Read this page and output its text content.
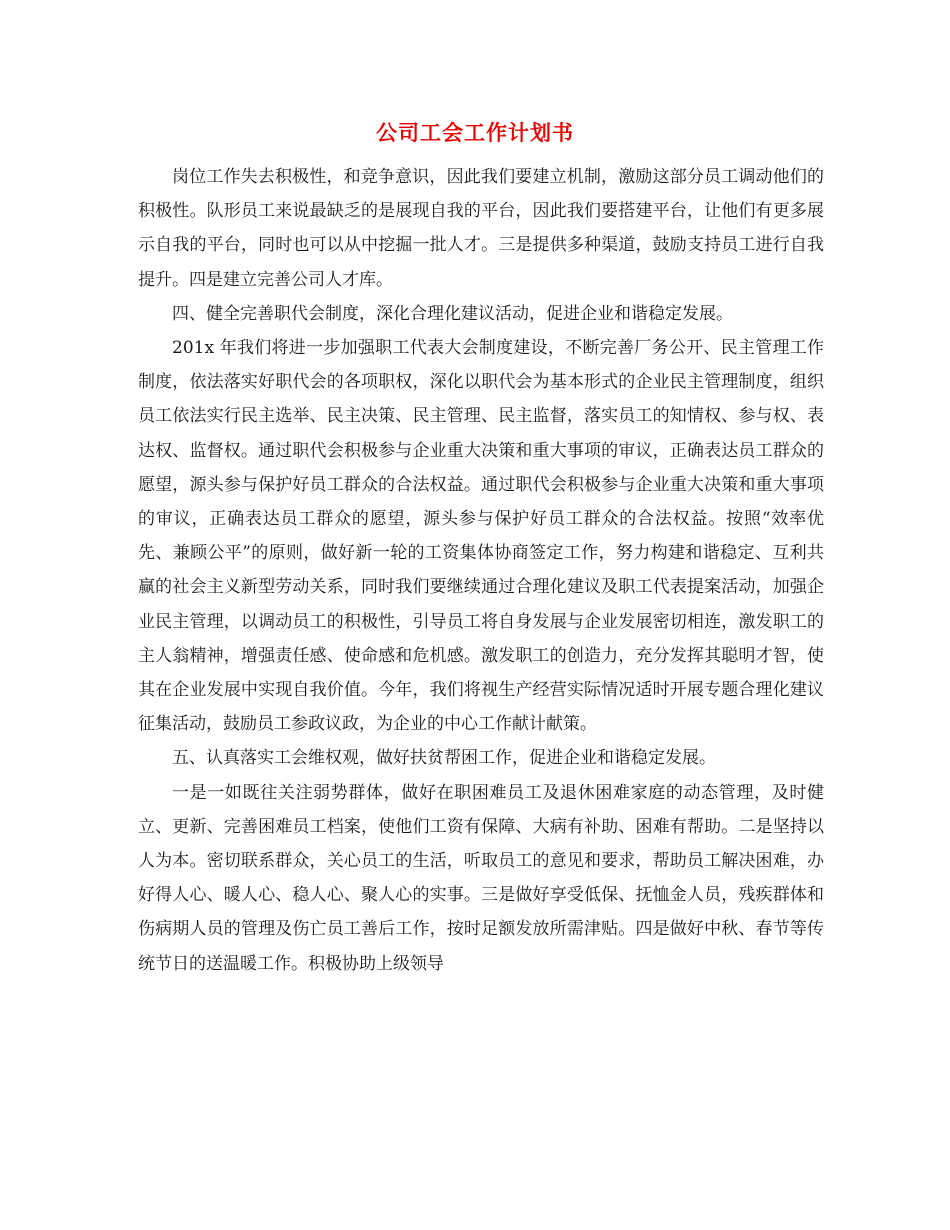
公司工会工作计划书

岗位工作失去积极性，和竞争意识，因此我们要建立机制，激励这部分员工调动他们的积极性。队形员工来说最缺乏的是展现自我的平台，因此我们要搭建平台，让他们有更多展示自我的平台，同时也可以从中挖掘一批人才。三是提供多种渠道，鼓励支持员工进行自我提升。四是建立完善公司人才库。

四、健全完善职代会制度，深化合理化建议活动，促进企业和谐稳定发展。

201x 年我们将进一步加强职工代表大会制度建设，不断完善厂务公开、民主管理工作制度，依法落实好职代会的各项职权，深化以职代会为基本形式的企业民主管理制度，组织员工依法实行民主选举、民主决策、民主管理、民主监督，落实员工的知情权、参与权、表达权、监督权。通过职代会积极参与企业重大决策和重大事项的审议，正确表达员工群众的愿望，源头参与保护好员工群众的合法权益。通过职代会积极参与企业重大决策和重大事项的审议，正确表达员工群众的愿望，源头参与保护好员工群众的合法权益。按照“效率优先、兼顾公平”的原则，做好新一轮的工资集体协商签定工作，努力构建和谐稳定、互利共赢的社会主义新型劳动关系，同时我们要继续通过合理化建议及职工代表提案活动，加强企业民主管理，以调动员工的积极性，引导员工将自身发展与企业发展密切相连，激发职工的主人翁精神，增强责任感、使命感和危机感。激发职工的创造力，充分发挥其聪明才智，使其在企业发展中实现自我价值。今年，我们将视生产经营实际情况适时开展专题合理化建议征集活动，鼓励员工参政议政，为企业的中心工作献计献策。

五、认真落实工会维权观，做好扶贫帮困工作，促进企业和谐稳定发展。

一是一如既往关注弱势群体，做好在职困难员工及退休困难家庭的动态管理，及时健立、更新、完善困难员工档案，使他们工资有保障、大病有补助、困难有帮助。二是坚持以人为本。密切联系群众，关心员工的生活，听取员工的意见和要求，帮助员工解决困难，办好得人心、暖人心、稳人心、聚人心的实事。三是做好享受低保、抚恤金人员，残疾群体和伤病期人员的管理及伤亡员工善后工作，按时足额发放所需津贴。四是做好中秋、春节等传统节日的送温暖工作。积极协助上级领导
